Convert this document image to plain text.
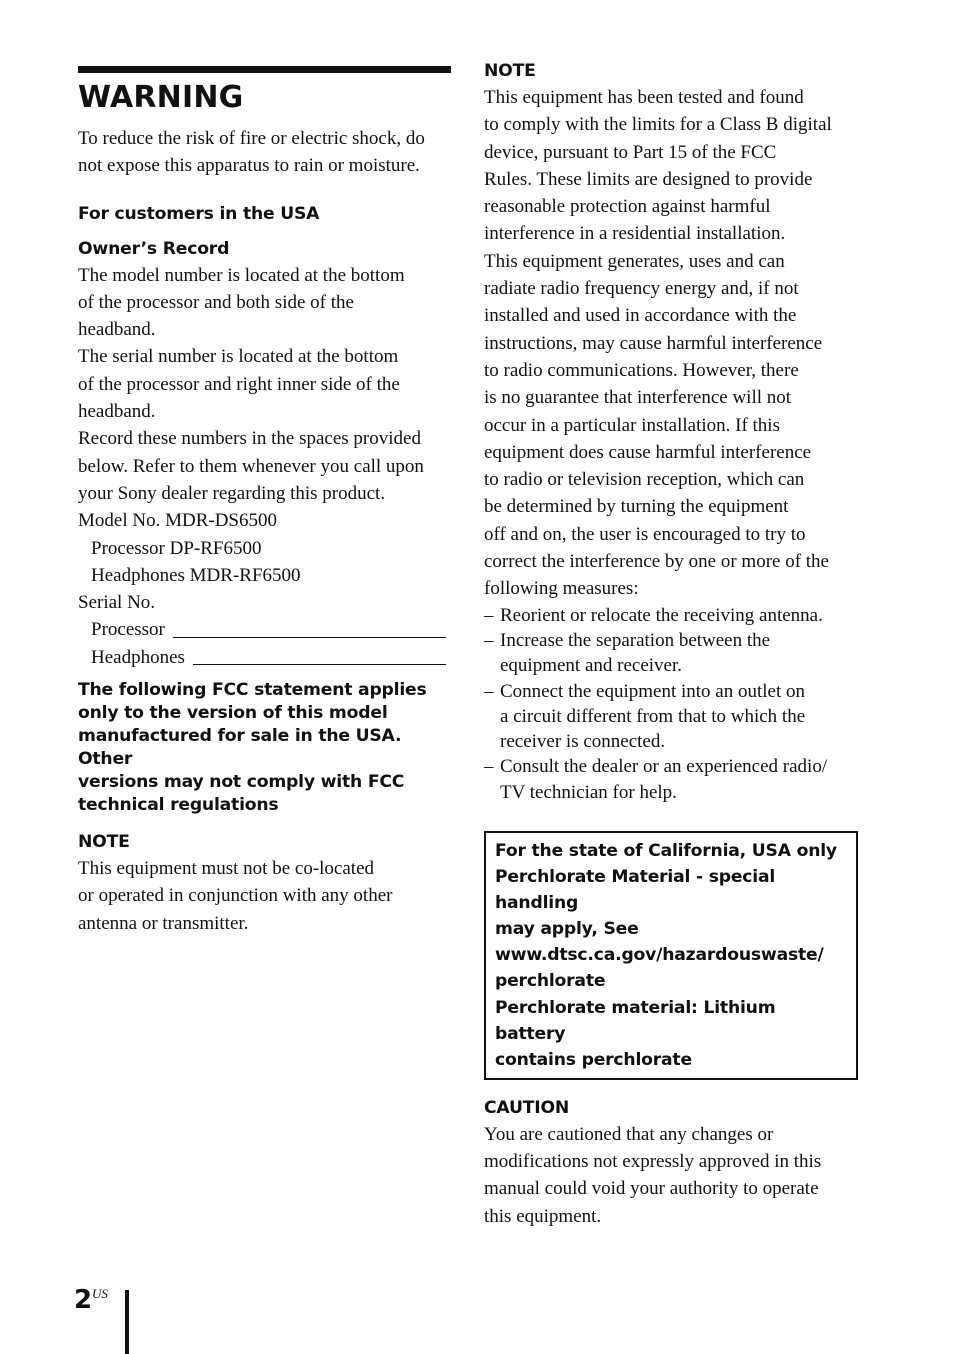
WARNING

To reduce the risk of fire or electric shock, do not expose this apparatus to rain or moisture.

For customers in the USA
Owner’s Record
The model number is located at the bottom
of the processor and both side of the
headband.
The serial number is located at the bottom
of the processor and right inner side of the
headband.
Record these numbers in the spaces provided
below. Refer to them whenever you call upon
your Sony dealer regarding this product.
Model No. MDR-DS6500
Processor DP-RF6500
Headphones MDR-RF6500
Serial No.
Processor
Headphones
The following FCC statement applies
only to the version of this model
manufactured for sale in the USA. Other
versions may not comply with FCC
technical regulations
NOTE
This equipment must not be co-located
or operated in conjunction with any other
antenna or transmitter.
NOTE
This equipment has been tested and found
to comply with the limits for a Class B digital
device, pursuant to Part 15 of the FCC
Rules. These limits are designed to provide
reasonable protection against harmful
interference in a residential installation.
This equipment generates, uses and can
radiate radio frequency energy and, if not
installed and used in accordance with the
instructions, may cause harmful interference
to radio communications. However, there
is no guarantee that interference will not
occur in a particular installation. If this
equipment does cause harmful interference
to radio or television reception, which can
be determined by turning the equipment
off and on, the user is encouraged to try to
correct the interference by one or more of the
following measures:
– Reorient or relocate the receiving antenna.
– Increase the separation between the
equipment and receiver.
– Connect the equipment into an outlet on
a circuit different from that to which the
receiver is connected.
– Consult the dealer or an experienced radio/
TV technician for help.
For the state of California, USA only
Perchlorate Material - special handling
may apply, See
www.dtsc.ca.gov/hazardouswaste/
perchlorate
Perchlorate material: Lithium battery
contains perchlorate
CAUTION
You are cautioned that any changes or
modifications not expressly approved in this
manual could void your authority to operate
this equipment.
2 US
